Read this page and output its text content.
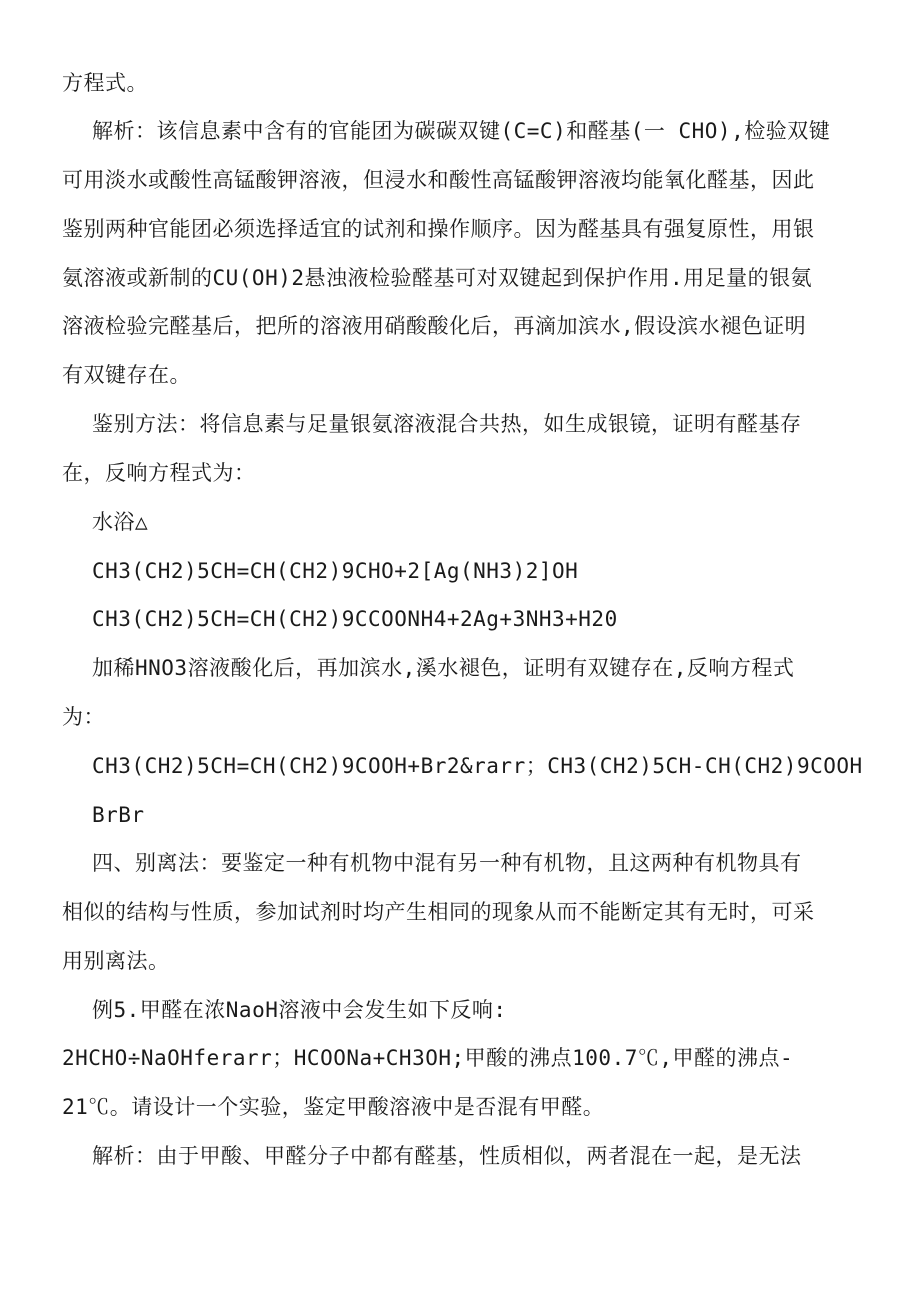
方程式。
解析：该信息素中含有的官能团为碳碳双键(C=C)和醛基(一 CHO),检验双键
可用淡水或酸性高锰酸钾溶液，但浸水和酸性高锰酸钾溶液均能氧化醛基，因此
鉴别两种官能团必须选择适宜的试剂和操作顺序。因为醛基具有强复原性，用银
氨溶液或新制的CU(OH)2悬浊液检验醛基可对双键起到保护作用.用足量的银氨
溶液检验完醛基后，把所的溶液用硝酸酸化后，再滴加滨水,假设滨水褪色证明
有双键存在。
鉴别方法：将信息素与足量银氨溶液混合共热，如生成银镜，证明有醛基存
在，反响方程式为：
水浴△
CH3(CH2)5CH=CH(CH2)9CHO+2[Ag(NH3)2]OH
CH3(CH2)5CH=CH(CH2)9CCOONH4+2Ag+3NH3+H20
加稀HNO3溶液酸化后，再加滨水,溪水褪色，证明有双键存在,反响方程式
为：
CH3(CH2)5CH=CH(CH2)9COOH+Br2&rarr；CH3(CH2)5CH-CH(CH2)9COOH
BrBr
四、别离法：要鉴定一种有机物中混有另一种有机物，且这两种有机物具有
相似的结构与性质，参加试剂时均产生相同的现象从而不能断定其有无时，可采
用别离法。
例5.甲醛在浓NaoH溶液中会发生如下反响:
2HCHO÷NaOHferarr；HCOONa+CH3OH;甲酸的沸点100.7℃,甲醛的沸点-
21℃。请设计一个实验，鉴定甲酸溶液中是否混有甲醛。
解析：由于甲酸、甲醛分子中都有醛基，性质相似，两者混在一起，是无法
